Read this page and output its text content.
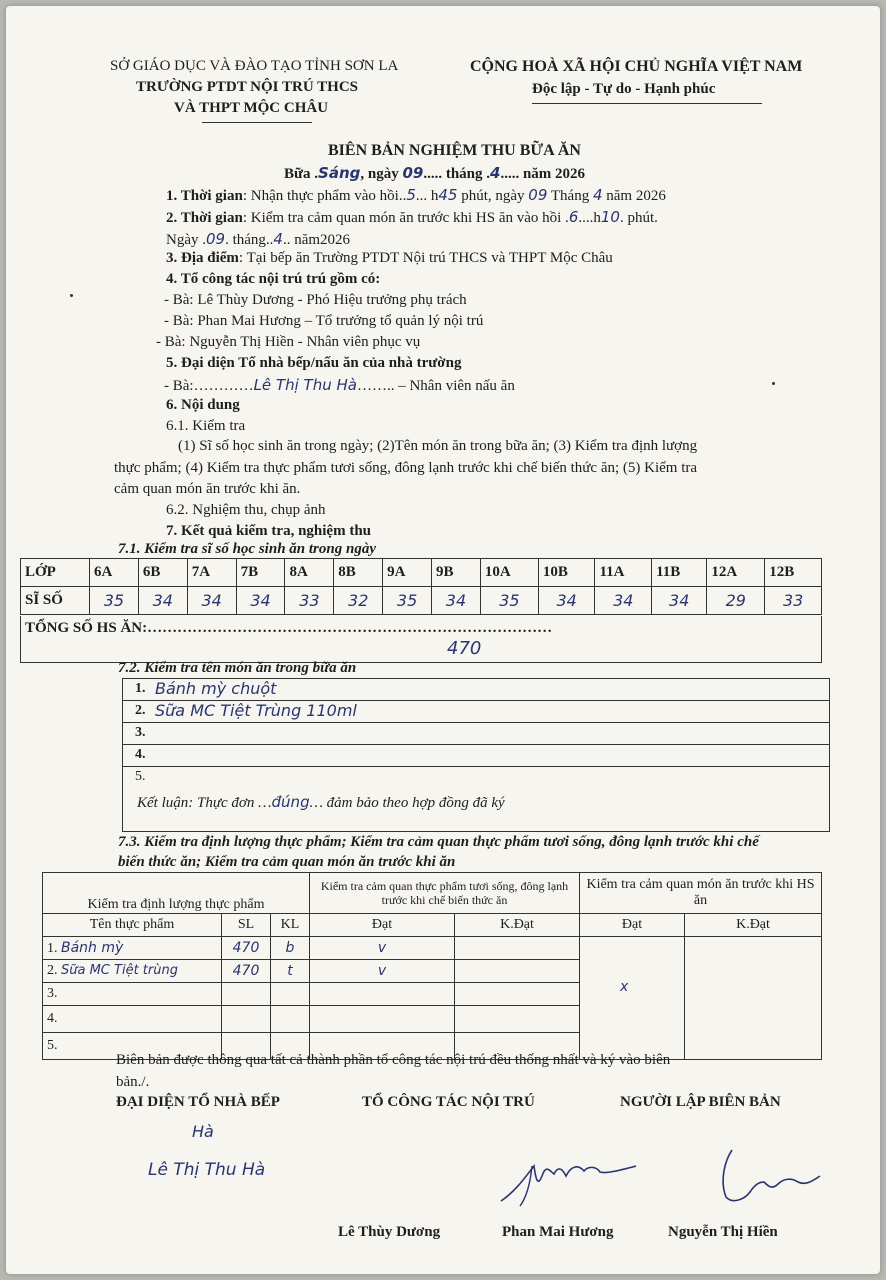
SỞ GIÁO DỤC VÀ ĐÀO TẠO TỈNH SƠN LA
TRƯỜNG PTDT NỘI TRÚ THCS
VÀ THPT MỘC CHÂU
CỘNG HOÀ XÃ HỘI CHỦ NGHĨA VIỆT NAM
Độc lập - Tự do - Hạnh phúc
BIÊN BẢN NGHIỆM THU BỮA ĂN
Bữa .Sáng, ngày 09..... tháng .4..... năm 2026
1. Thời gian: Nhận thực phẩm vào hồi..5... h45 phút, ngày 09 Tháng 4 năm 2026
2. Thời gian: Kiểm tra cảm quan món ăn trước khi HS ăn vào hồi .6....h10. phút.
Ngày .09. tháng..4.. năm2026
3. Địa điểm: Tại bếp ăn Trường PTDT Nội trú THCS và THPT Mộc Châu
4. Tổ công tác nội trú trú gồm có:
- Bà: Lê Thùy Dương - Phó Hiệu trưởng phụ trách
- Bà: Phan Mai Hương – Tổ trưởng tổ quản lý nội trú
- Bà: Nguyễn Thị Hiền - Nhân viên phục vụ
5. Đại diện Tổ nhà bếp/nấu ăn của nhà trường
- Bà:…………Lê Thị Thu Hà…….. – Nhân viên nấu ăn
6. Nội dung
6.1. Kiểm tra
(1) Sĩ số học sinh ăn trong ngày; (2)Tên món ăn trong bữa ăn; (3) Kiểm tra định lượng
thực phẩm; (4) Kiểm tra thực phẩm tươi sống, đông lạnh trước khi chế biến thức ăn; (5) Kiểm tra
cảm quan món ăn trước khi ăn.
6.2. Nghiệm thu, chụp ảnh
7. Kết quả kiểm tra, nghiệm thu
7.1. Kiểm tra sĩ số học sinh ăn trong ngày
LỚP	6A	6B	7A	7B	8A	8B	9A	9B	10A	10B	11A	11B	12A	12B
SĨ SỐ	35	34	34	34	33	32	35	34	35	34	34	34	29	33
TỔNG SỐ HS ĂN:………………………………………………………………………
470
7.2. Kiểm tra tên món ăn trong bữa ăn
1. Bánh mỳ chuột
2. Sữa MC Tiệt Trùng 110ml
3.
4.
5.
Kết luận: Thực đơn …đúng… đảm bảo theo hợp đồng đã ký
7.3. Kiểm tra định lượng thực phẩm; Kiểm tra cảm quan thực phẩm tươi sống, đông lạnh trước khi chế
biến thức ăn; Kiểm tra cảm quan món ăn trước khi ăn
Kiểm tra định lượng thực phẩm			Kiểm tra cảm quan thực phẩm tươi sống, đông lạnh trước khi chế biến thức ăn		Kiểm tra cảm quan món ăn trước khi HS ăn	
Tên thực phẩm	SL	KL	Đạt	K.Đạt	Đạt	K.Đạt
1. Bánh mỳ	470	b	v		x	

2. Sữa MC Tiệt trùng	470	t	v			
3.						
4.						
5.						
Biên bản được thông qua tất cả thành phần tổ công tác nội trú đều thống nhất và ký vào biên
bản./.
ĐẠI DIỆN TỔ NHÀ BẾP	TỔ CÔNG TÁC NỘI TRÚ	NGƯỜI LẬP BIÊN BẢN
Hà
Lê Thị Thu Hà
Lê Thùy Dương	Phan Mai Hương	Nguyễn Thị Hiền
